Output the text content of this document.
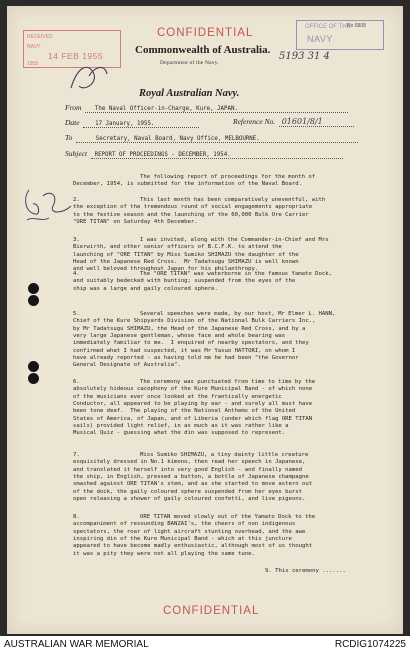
RECEIVED
NAVY
14 FEB 1955
1955
CONFIDENTIAL	OFFICE OF THE
NAVY
No 6808
5193 31 4
Commonwealth of Australia.
Department of the Navy.
Royal Australian Navy.
From The Naval Officer-in-Charge, Kure, JAPAN.
Date	17 January, 1955.	Reference No. 01601/8/1
To	Secretary, Naval Board, Navy Office, MELBOURNE.
Subject REPORT OF PROCEEDINGS - DECEMBER, 1954.
The following report of proceedings for the month of
December, 1954, is submitted for the information of the Naval Board.
2.	This last month has been comparatively uneventful, with
the exception of the tremendous round of social engagements appropriate
to the festive season and the launching of the 60,000 Bulk Ore Carrier
"ORE TITAN" on Saturday 4th December.
3.	I was invited, along with the Commander-in-Chief and Mrs
Bierwirth, and other senior officers of B.C.F.K. to attend the
launching of "ORE TITAN" by Miss Sumiko SHIMAZU the daughter of the
Head of the Japanese Red Cross.  Mr Tadatsugu SHIMAZU is well known
and well beloved throughout Japan for his philanthropy.
4.	The "ORE TITAN" was waterborne in the famous Yamato Dock,
and suitably bedecked with bunting; suspended from the eyes of the
ship was a large and gaily coloured sphere.
5.	Several speeches were made, by our host, Mr Elmer L. HANN,
Chief of the Kure Shipyards Division of the National Bulk Carriers Inc.,
by Mr Tadatsugu SHIMAZU, the Head of the Japanese Red Cross, and by a
very large Japanese gentleman, whose face and whole bearing was
immediately familiar to me.  I enquired of nearby spectators, and they
confirmed what I had suspected, it was Mr Yasuo HATTORI, on whom I
have already reported - as having told me he had been "the Governor
General Designate of Australia".
6.	The ceremony was punctuated from time to time by the
absolutely hideous cacophony of the Kure Municipal Band - of which none
of the musicians ever once looked at the frantically energetic
Conductor, all appeared to be playing by ear - and surely all must have
been tone deaf.  The playing of the National Anthems of the United
States of America, of Japan, and of Liberia (under which flag ORE TITAN
sails) provided light relief, in as much as it was rather like a
Musical Quiz - guessing what the din was supposed to represent.
7.	Miss Sumiko SHIMAZU, a tiny dainty little creature
exquisitely dressed in No.1 kimono, then read her speech in Japanese,
and translated it herself into very good English - and finally named
the ship, in English, pressed a button, a bottle of Japanese champagne
smashed against ORE TITAN's stem, and as she started to move astern out
of the dock, the gaily coloured sphere suspended from her eyes burst
open releasing a shower of gaily coloured confetti, and live pigeons.
8.	ORE TITAN moved slowly out of the Yamato Dock to the
accompaniment of resounding BANZAI's, the cheers of non indigenous
spectators, the roar of light aircraft stunting overhead, and the awe
inspiring din of the Kure Municipal Band - which at this juncture
appeared to have become madly enthusiastic, although most of us thought
it was a pity they were not all playing the same tune.
9. This ceremony .......
CONFIDENTIAL
AUSTRALIAN WAR MEMORIAL	RCDIG1074225
